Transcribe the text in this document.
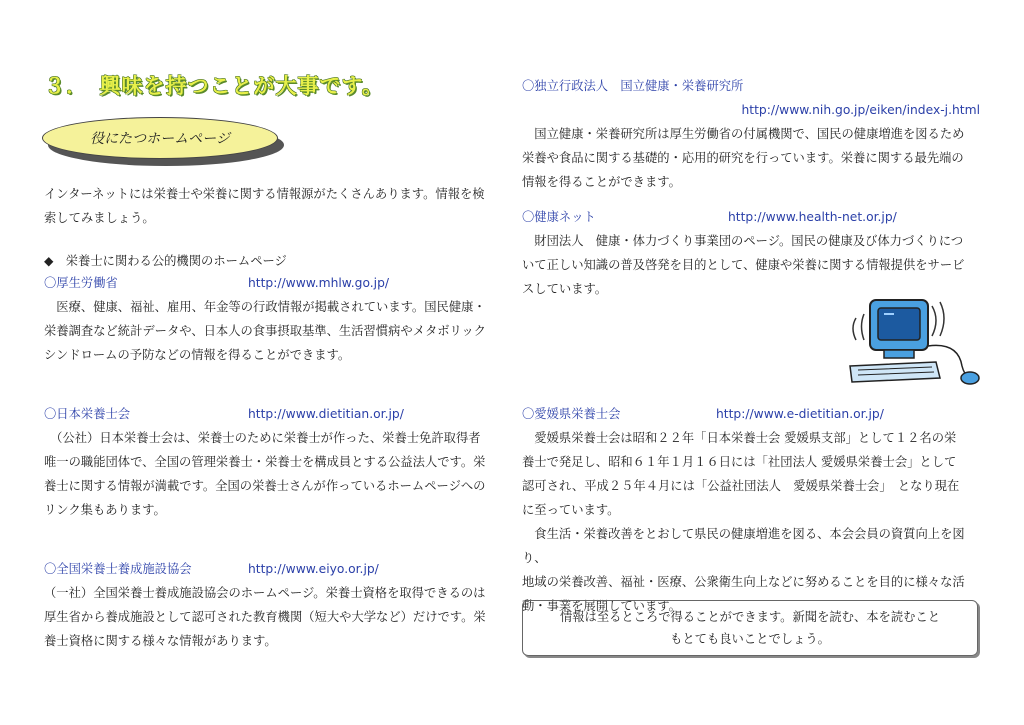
３．　興味を持つことが大事です。
役にたつホームページ

インターネットには栄養士や栄養に関する情報源がたくさんあります。情報を検

索してみましょう。

◆　栄養士に関わる公的機関のホームページ
〇厚生労働省	http://www.mhlw.go.jp/

　医療、健康、福祉、雇用、年金等の行政情報が掲載されています。国民健康・

栄養調査など統計データや、日本人の食事摂取基準、生活習慣病やメタボリック

シンドロームの予防などの情報を得ることができます。

〇日本栄養士会	http://www.dietitian.or.jp/

　（公社）日本栄養士会は、栄養士のために栄養士が作った、栄養士免許取得者

唯一の職能団体で、全国の管理栄養士・栄養士を構成員とする公益法人です。栄

養士に関する情報が満載です。全国の栄養士さんが作っているホームページへの

リンク集もあります。

〇全国栄養士養成施設協会	http://www.eiyo.or.jp/

（一社）全国栄養士養成施設協会のホームページ。栄養士資格を取得できるのは

厚生省から養成施設として認可された教育機関（短大や大学など）だけです。栄

養士資格に関する様々な情報があります。

〇独立行政法人　国立健康・栄養研究所
http://www.nih.go.jp/eiken/index-j.html

　国立健康・栄養研究所は厚生労働省の付属機関で、国民の健康増進を図るため

栄養や食品に関する基礎的・応用的研究を行っています。栄養に関する最先端の

情報を得ることができます。

〇健康ネット	http://www.health-net.or.jp/

　財団法人　健康・体力づくり事業団のページ。国民の健康及び体力づくりにつ

いて正しい知識の普及啓発を目的として、健康や栄養に関する情報提供をサービ

スしています。

〇愛媛県栄養士会	http://www.e-dietitian.or.jp/

　愛媛県栄養士会は昭和２２年「日本栄養士会 愛媛県支部」として１２名の栄

養士で発足し、昭和６１年１月１６日には「社団法人 愛媛県栄養士会」として

認可され、平成２５年４月には「公益社団法人　愛媛県栄養士会」　となり現在

に至っています。

　食生活・栄養改善をとおして県民の健康増進を図る、本会会員の資質向上を図り、

地域の栄養改善、福祉・医療、公衆衛生向上などに努めることを目的に様々な活

動・事業を展開しています。

情報は至るところで得ることができます。新聞を読む、本を読むこと
もとても良いことでしょう。
